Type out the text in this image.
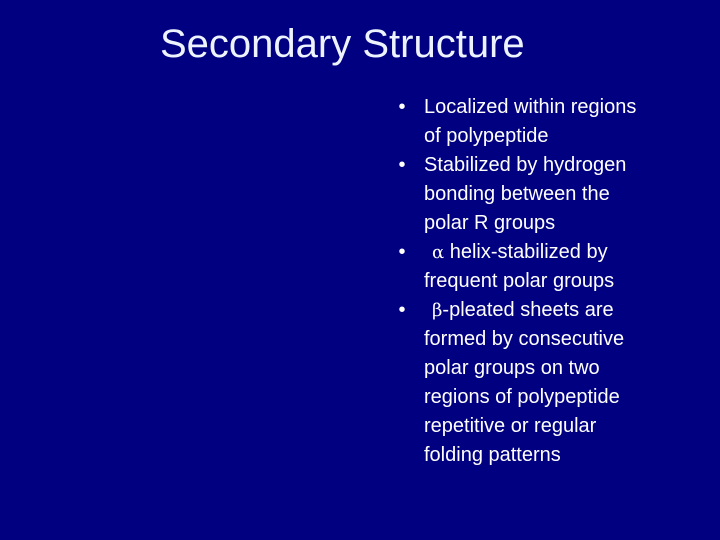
Secondary Structure
• Localized within regions
of polypeptide
• Stabilized by hydrogen
bonding between the
polar R groups
•	α helix-stabilized by
frequent polar groups
•	β-pleated sheets are
formed by consecutive
polar groups on two
regions of polypeptide
repetitive or regular
folding patterns
